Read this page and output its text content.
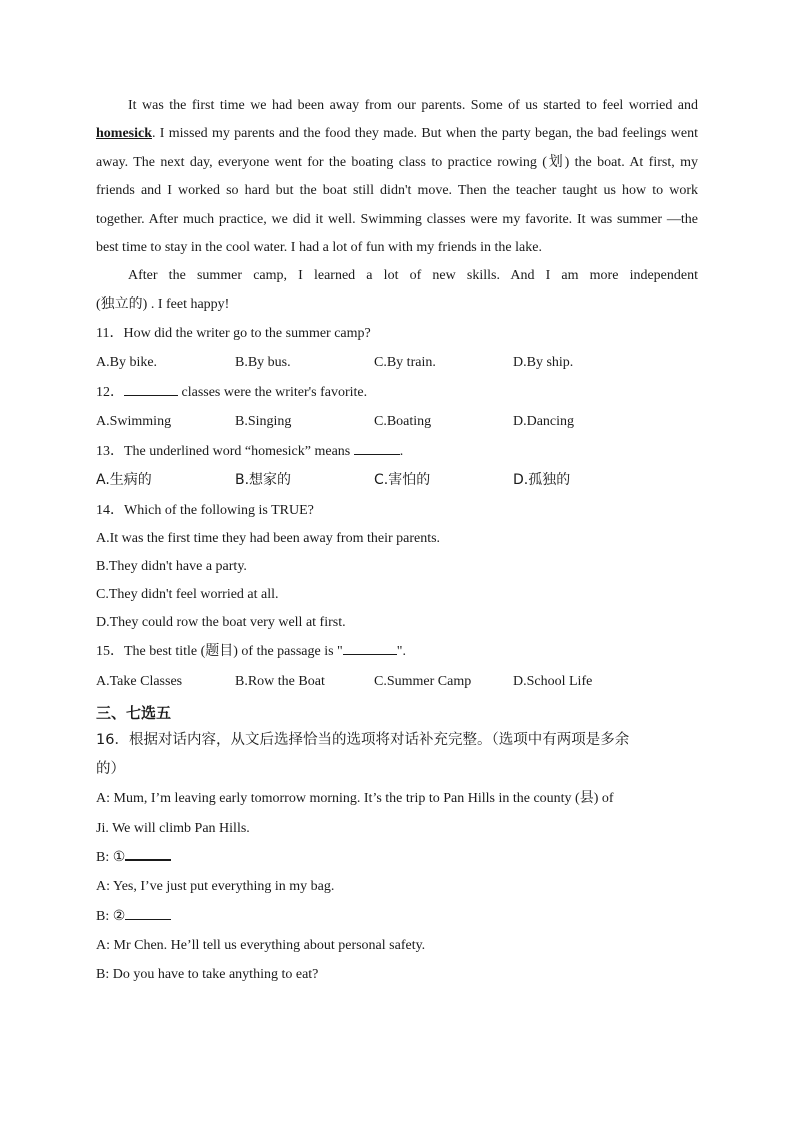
It was the first time we had been away from our parents. Some of us started to feel worried and homesick. I missed my parents and the food they made. But when the party began, the bad feelings went away. The next day, everyone went for the boating class to practice rowing (划) the boat. At first, my friends and I worked so hard but the boat still didn't move. Then the teacher taught us how to work together. After much practice, we did it well. Swimming classes were my favorite. It was summer —the best time to stay in the cool water. I had a lot of fun with my friends in the lake.

After the summer camp, I learned a lot of new skills. And I am more independent

(独立的) . I feet happy!

11．How did the writer go to the summer camp?

A.By bike.	B.By bus.	C.By train.	D.By ship.

12．	classes were the writer's favorite.

A.Swimming	B.Singing	C.Boating	D.Dancing

13．The underlined word “homesick” means	.

A.生病的	B.想家的	C.害怕的	D.孤独的

14．Which of the following is TRUE?

A.It was the first time they had been away from their parents.

B.They didn't have a party.

C.They didn't feel worried at all.

D.They could row the boat very well at first.

15．The best title (题目) of the passage is "	".

A.Take Classes	B.Row the Boat	C.Summer Camp	D.School Life

三、七选五

16．根据对话内容，从文后选择恰当的选项将对话补充完整。（选项中有两项是多余

的）

A: Mum, I’m leaving early tomorrow morning. It’s the trip to Pan Hills in the county (县) of

Ji. We will climb Pan Hills.

B: ①

A: Yes, I’ve just put everything in my bag.

B: ②

A: Mr Chen. He’ll tell us everything about personal safety.

B: Do you have to take anything to eat?
